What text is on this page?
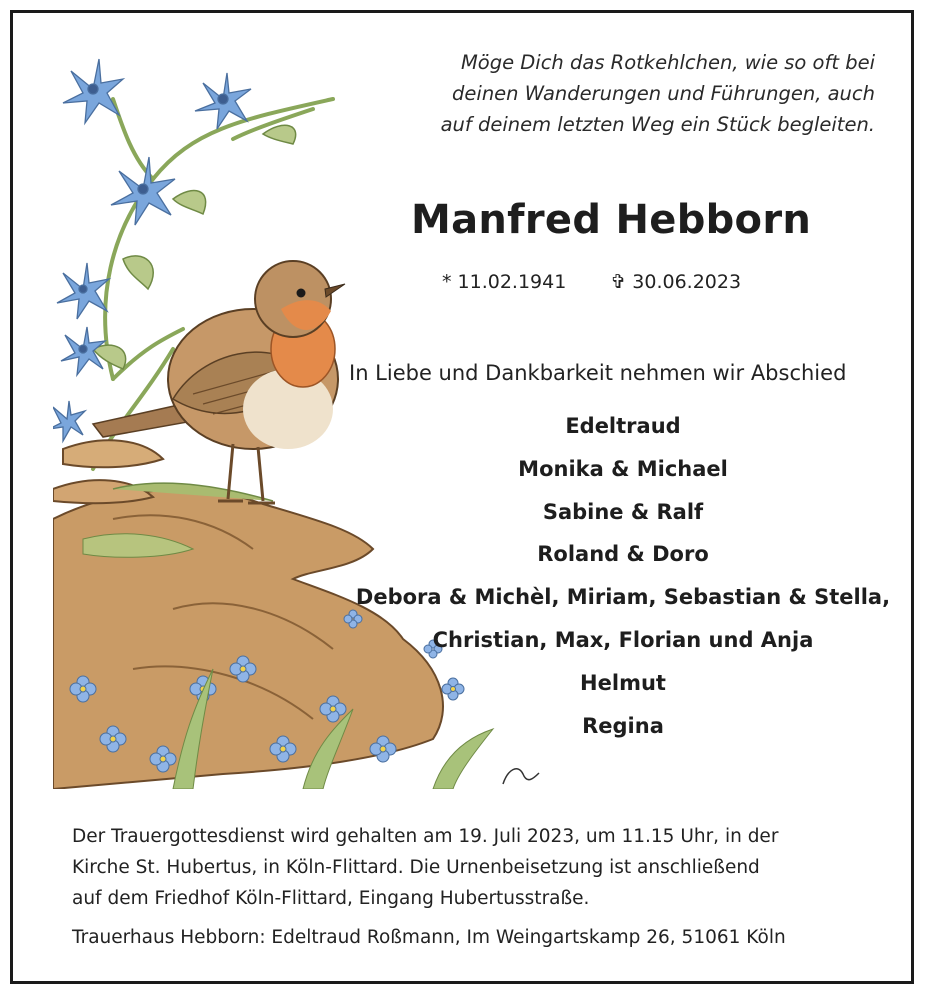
Möge Dich das Rotkehlchen, wie so oft bei
deinen Wanderungen und Führungen, auch
auf deinem letzten Weg ein Stück begleiten.
Manfred Hebborn
* 11.02.1941 ✞ 30.06.2023
In Liebe und Dankbarkeit nehmen wir Abschied
Edeltraud
Monika & Michael
Sabine & Ralf
Roland & Doro
Debora & Michèl, Miriam, Sebastian & Stella,
Christian, Max, Florian und Anja
Helmut
Regina
Der Trauergottesdienst wird gehalten am 19. Juli 2023, um 11.15 Uhr, in der
Kirche St. Hubertus, in Köln-Flittard. Die Urnenbeisetzung ist anschließend
auf dem Friedhof Köln-Flittard, Eingang Hubertusstraße.
Trauerhaus Hebborn: Edeltraud Roßmann, Im Weingartskamp 26, 51061 Köln
